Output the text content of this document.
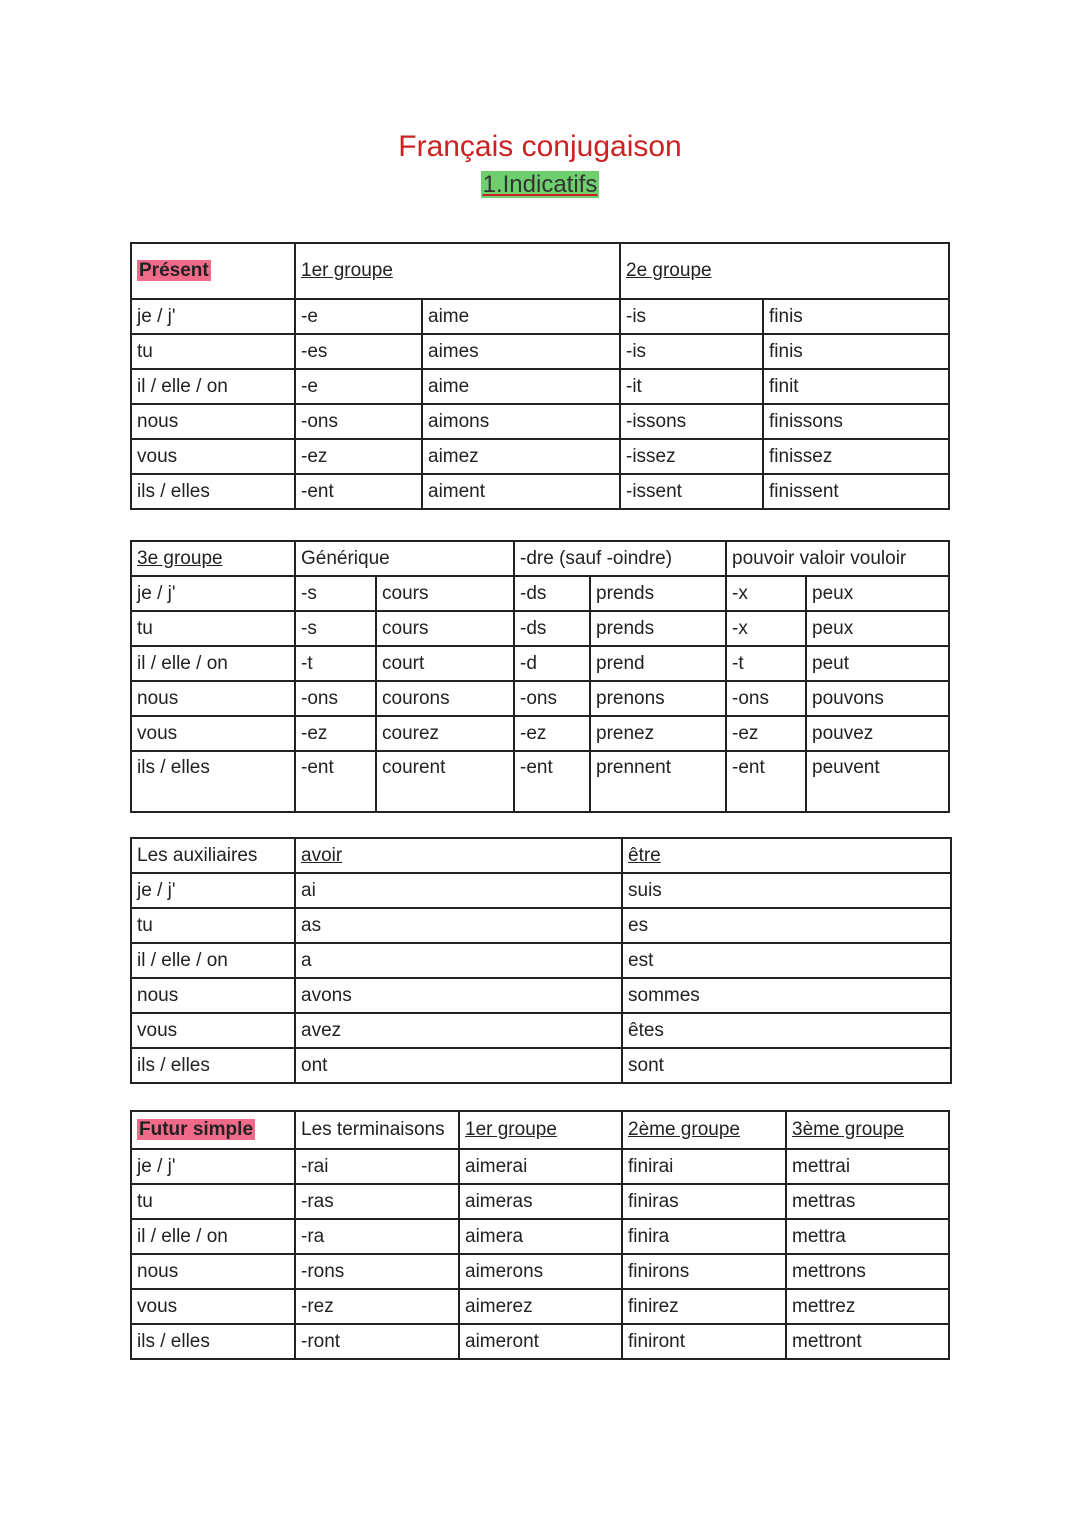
Français conjugaison
1.Indicatifs
Présent	1er groupe		2e groupe	
je / j'	-e	aime	-is	finis
tu	-es	aimes	-is	finis
il / elle / on	-e	aime	-it	finit
nous	-ons	aimons	-issons	finissons
vous	-ez	aimez	-issez	finissez
ils / elles	-ent	aiment	-issent	finissent
3e groupe	Générique		-dre (sauf -oindre)		pouvoir valoir vouloir	
je / j'	-s	cours	-ds	prends	-x	peux
tu	-s	cours	-ds	prends	-x	peux
il / elle / on	-t	court	-d	prend	-t	peut
nous	-ons	courons	-ons	prenons	-ons	pouvons
vous	-ez	courez	-ez	prenez	-ez	pouvez
ils / elles	-ent	courent	-ent	prennent	-ent	peuvent
Les auxiliaires	avoir	être
je / j'	ai	suis
tu	as	es
il / elle / on	a	est
nous	avons	sommes
vous	avez	êtes
ils / elles	ont	sont
Futur simple	Les terminaisons	1er groupe	2ème groupe	3ème groupe
je / j'	-rai	aimerai	finirai	mettrai
tu	-ras	aimeras	finiras	mettras
il / elle / on	-ra	aimera	finira	mettra
nous	-rons	aimerons	finirons	mettrons
vous	-rez	aimerez	finirez	mettrez
ils / elles	-ront	aimeront	finiront	mettront
